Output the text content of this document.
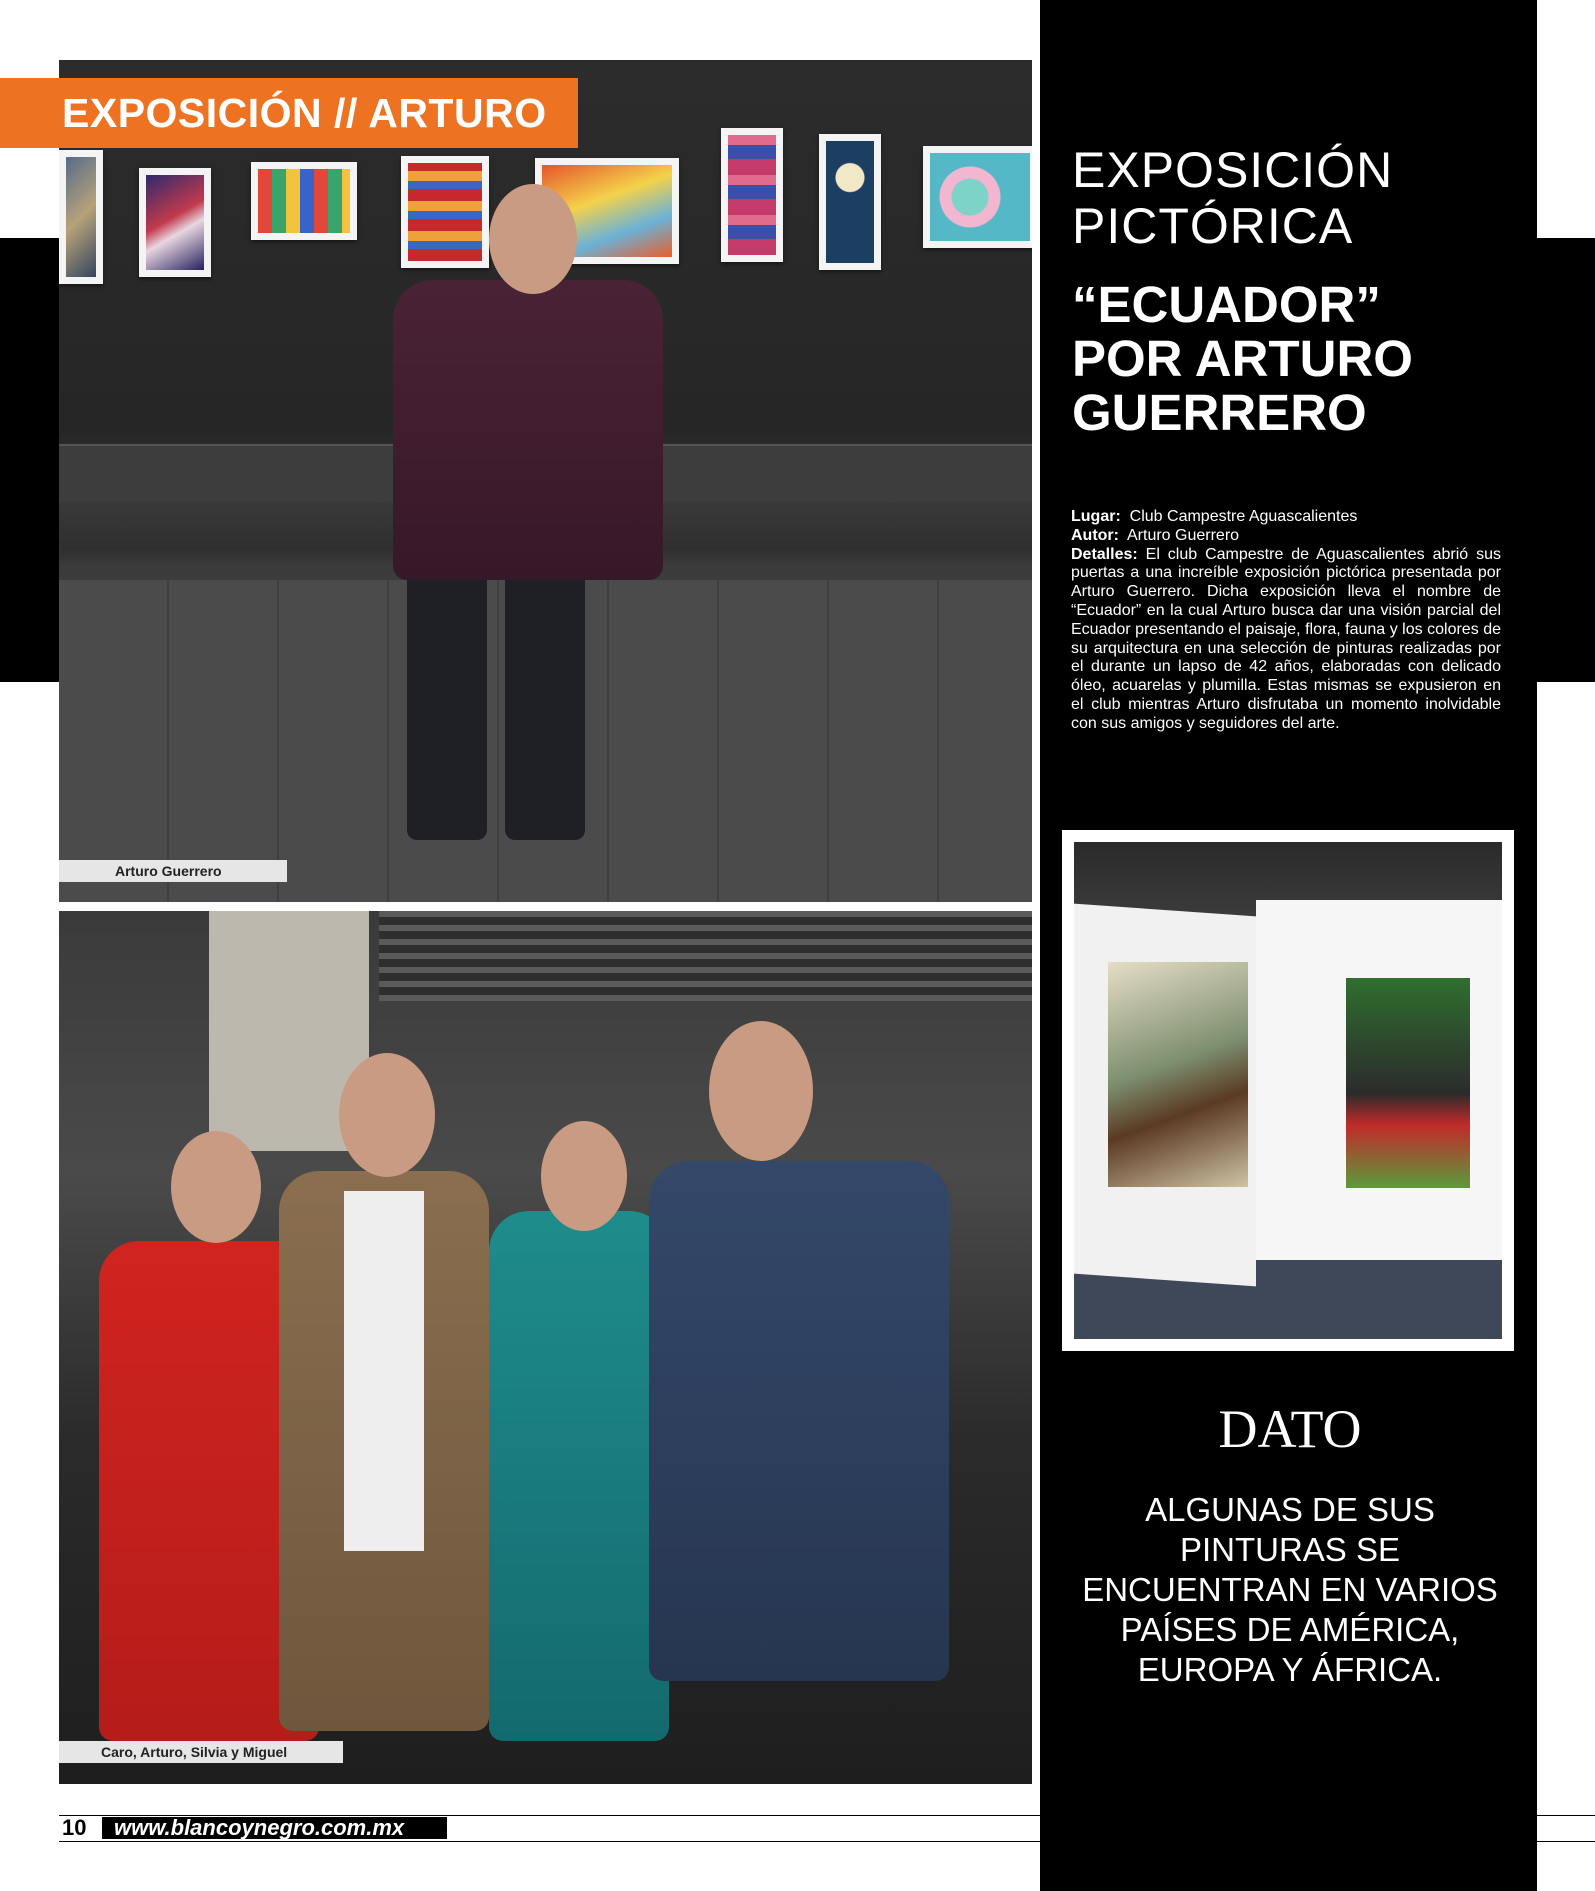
Arturo Guerrero
EXPOSICIÓN // ARTURO
Caro, Arturo, Silvia y Miguel
EXPOSICIÓN
PICTÓRICA
“ECUADOR”
POR ARTURO
GUERRERO
Lugar: Club Campestre Aguascalientes
Autor: Arturo Guerrero
Detalles: El club Campestre de Aguascalientes abrió sus puertas a una increíble exposición pictórica presentada por Arturo Guerrero. Dicha exposición lleva el nombre de “Ecuador” en la cual Arturo busca dar una visión parcial del Ecuador presentando el paisaje, flora, fauna y los colores de su arquitectura en una selección de pinturas realizadas por el durante un lapso de 42 años, elaboradas con delicado óleo, acuarelas y plumilla. Estas mismas se expusieron en el club mientras Arturo disfrutaba un momento inolvidable con sus amigos y seguidores del arte.
DATO
ALGUNAS DE SUS
PINTURAS SE
ENCUENTRAN EN VARIOS
PAÍSES DE AMÉRICA,
EUROPA Y ÁFRICA.
10	www.blancoynegro.com.mx
